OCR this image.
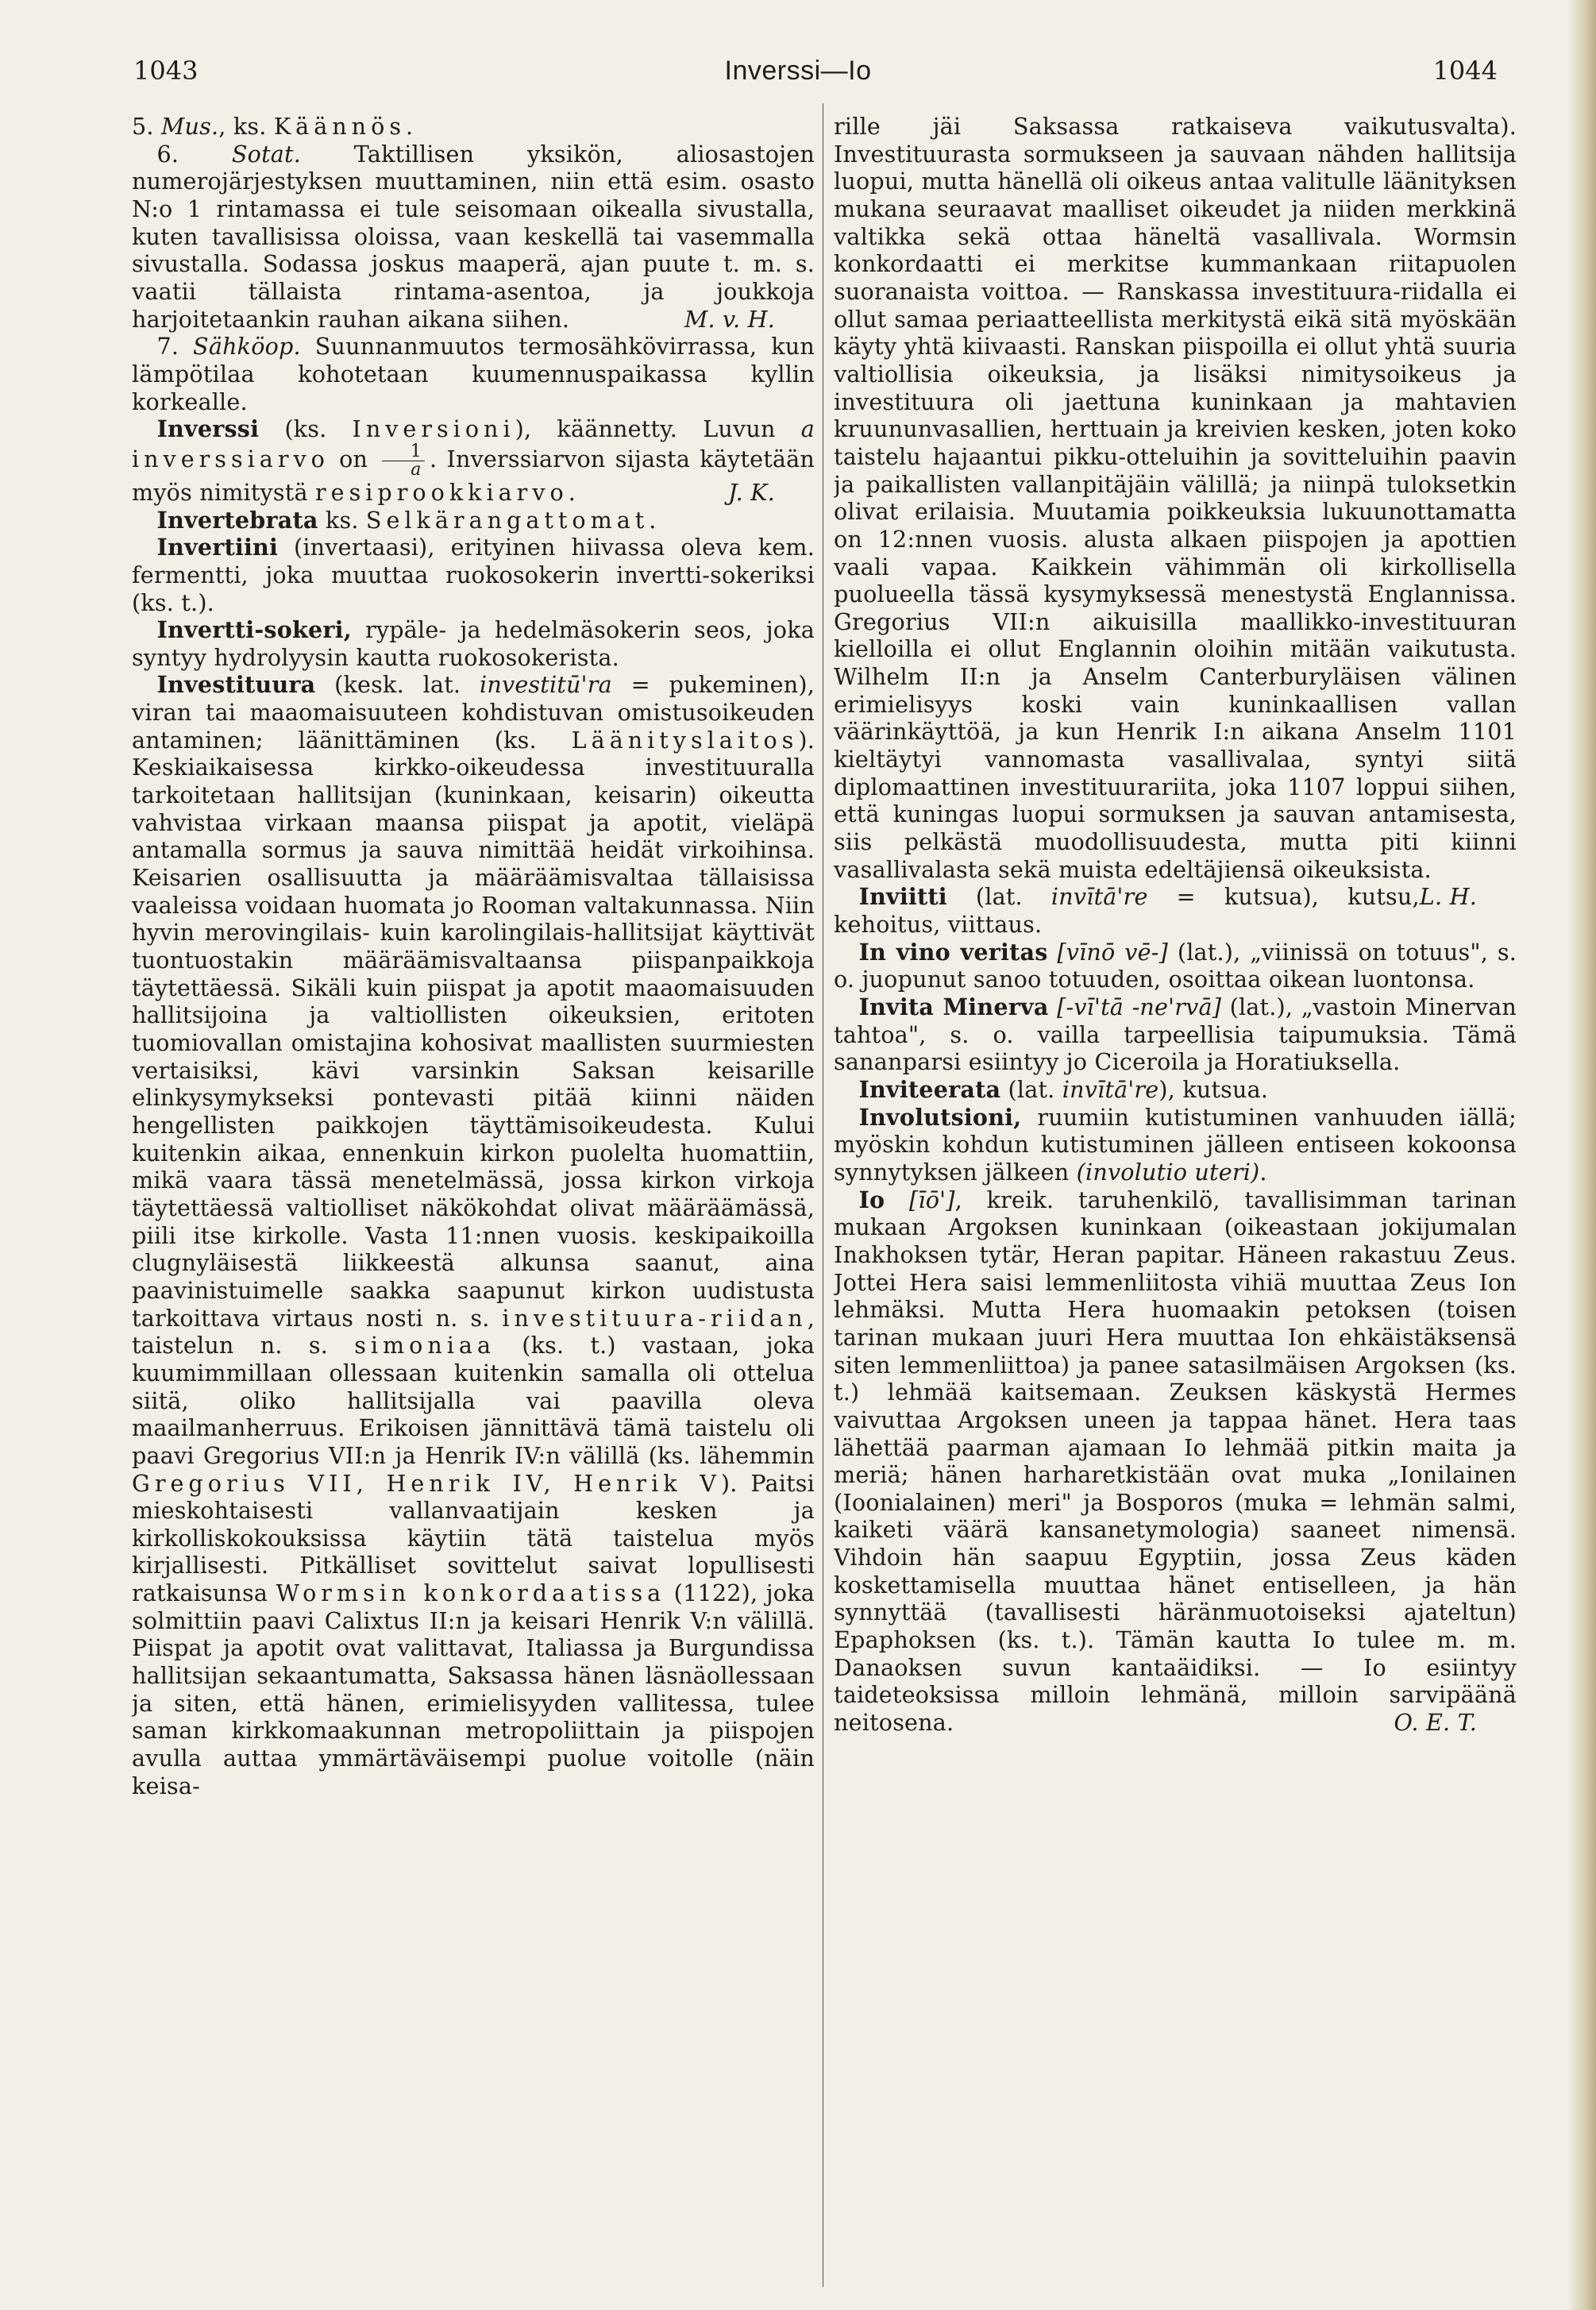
1043	Inverssi—Io	1044

5. Mus., ks. Käännös.

6. Sotat. Taktillisen yksikön, aliosastojen numerojärjestyksen muuttaminen, niin että esim. osasto N:o 1 rintamassa ei tule seisomaan oikealla sivustalla, kuten tavallisissa oloissa, vaan keskellä tai vasemmalla sivustalla. Sodassa joskus maaperä, ajan puute t. m. s. vaatii tällaista rintama-asentoa, ja joukkoja harjoitetaankin rauhan aikana siihen.	M. v. H.

7. Sähköop. Suunnanmuutos termosähkövirrassa, kun lämpötilaa kohotetaan kuumennuspaikassa kyllin korkealle.

Inverssi (ks. Inversioni), käännetty. Luvun a inverssiarvo on $\frac{1}{a}$ . Inverssiarvon sijasta käytetään myös nimitystä resiprookkiarvo.	J. K.

Invertebrata ks. Selkärangattomat.

Invertiini (invertaasi), erityinen hiivassa oleva kem. fermentti, joka muuttaa ruokosokerin invertti-sokeriksi (ks. t.).

Invertti-sokeri, rypäle- ja hedelmäsokerin seos, joka syntyy hydrolyysin kautta ruokosokerista.

Investituura (kesk. lat. investitū'ra = pukeminen), viran tai maaomaisuuteen kohdistuvan omistusoikeuden antaminen; läänittäminen (ks. Läänityslaitos). Keskiaikaisessa kirkko-oikeudessa investituuralla tarkoitetaan hallitsijan (kuninkaan, keisarin) oikeutta vahvistaa virkaan maansa piispat ja apotit, vieläpä antamalla sormus ja sauva nimittää heidät virkoihinsa. Keisarien osallisuutta ja määräämisvaltaa tällaisissa vaaleissa voidaan huomata jo Rooman valtakunnassa. Niin hyvin merovingilais- kuin karolingilais-hallitsijat käyttivät tuontuostakin määräämisvaltaansa piispanpaikkoja täytettäessä. Sikäli kuin piispat ja apotit maaomaisuuden hallitsijoina ja valtiollisten oikeuksien, eritoten tuomiovallan omistajina kohosivat maallisten suurmiesten vertaisiksi, kävi varsinkin Saksan keisarille elinkysymykseksi pontevasti pitää kiinni näiden hengellisten paikkojen täyttämisoikeudesta. Kului kuitenkin aikaa, ennenkuin kirkon puolelta huomattiin, mikä vaara tässä menetelmässä, jossa kirkon virkoja täytettäessä valtiolliset näkökohdat olivat määräämässä, piili itse kirkolle. Vasta 11:nnen vuosis. keskipaikoilla clugnyläisestä liikkeestä alkunsa saanut, aina paavinistuimelle saakka saapunut kirkon uudistusta tarkoittava virtaus nosti n. s. investituura-riidan, taistelun n. s. simoniaa (ks. t.) vastaan, joka kuumimmillaan ollessaan kuitenkin samalla oli ottelua siitä, oliko hallitsijalla vai paavilla oleva maailmanherruus. Erikoisen jännittävä tämä taistelu oli paavi Gregorius VII:n ja Henrik IV:n välillä (ks. lähemmin Gregorius VII, Henrik IV, Henrik V). Paitsi mieskohtaisesti vallanvaatijain kesken ja kirkolliskokouksissa käytiin tätä taistelua myös kirjallisesti. Pitkälliset sovittelut saivat lopullisesti ratkaisunsa Wormsin konkordaatissa (1122), joka solmittiin paavi Calixtus II:n ja keisari Henrik V:n välillä. Piispat ja apotit ovat valittavat, Italiassa ja Burgundissa hallitsijan sekaantumatta, Saksassa hänen läsnäollessaan ja siten, että hänen, erimielisyyden vallitessa, tulee saman kirkkomaakunnan metropoliittain ja piispojen avulla auttaa ymmärtäväisempi puolue voitolle (näin keisa-

rille jäi Saksassa ratkaiseva vaikutusvalta). Investituurasta sormukseen ja sauvaan nähden hallitsija luopui, mutta hänellä oli oikeus antaa valitulle läänityksen mukana seuraavat maalliset oikeudet ja niiden merkkinä valtikka sekä ottaa häneltä vasallivala. Wormsin konkordaatti ei merkitse kummankaan riitapuolen suoranaista voittoa. — Ranskassa investituura-riidalla ei ollut samaa periaatteellista merkitystä eikä sitä myöskään käyty yhtä kiivaasti. Ranskan piispoilla ei ollut yhtä suuria valtiollisia oikeuksia, ja lisäksi nimitysoikeus ja investituura oli jaettuna kuninkaan ja mahtavien kruununvasallien, herttuain ja kreivien kesken, joten koko taistelu hajaantui pikku-otteluihin ja sovitteluihin paavin ja paikallisten vallanpitäjäin välillä; ja niinpä tuloksetkin olivat erilaisia. Muutamia poikkeuksia lukuunottamatta on 12:nnen vuosis. alusta alkaen piispojen ja apottien vaali vapaa. Kaikkein vähimmän oli kirkollisella puolueella tässä kysymyksessä menestystä Englannissa. Gregorius VII:n aikuisilla maallikko-investituuran kielloilla ei ollut Englannin oloihin mitään vaikutusta. Wilhelm II:n ja Anselm Canterburyläisen välinen erimielisyys koski vain kuninkaallisen vallan väärinkäyttöä, ja kun Henrik I:n aikana Anselm 1101 kieltäytyi vannomasta vasallivalaa, syntyi siitä diplomaattinen investituurariita, joka 1107 loppui siihen, että kuningas luopui sormuksen ja sauvan antamisesta, siis pelkästä muodollisuudesta, mutta piti kiinni vasallivalasta sekä muista edeltäjiensä oikeuksista.
L. H.

Inviitti (lat. invītā're = kutsua), kutsu, kehoitus, viittaus.

In vino veritas [vīnō vē-] (lat.), „viinissä on totuus", s. o. juopunut sanoo totuuden, osoittaa oikean luontonsa.

Invita Minerva [-vī'tā -ne'rvā] (lat.), „vastoin Minervan tahtoa", s. o. vailla tarpeellisia taipumuksia. Tämä sananparsi esiintyy jo Ciceroila ja Horatiuksella.

Inviteerata (lat. invītā're), kutsua.

Involutsioni, ruumiin kutistuminen vanhuuden iällä; myöskin kohdun kutistuminen jälleen entiseen kokoonsa synnytyksen jälkeen (involutio uteri).

Io [īō'], kreik. taruhenkilö, tavallisimman tarinan mukaan Argoksen kuninkaan (oikeastaan jokijumalan Inakhoksen tytär, Heran papitar. Häneen rakastuu Zeus. Jottei Hera saisi lemmenliitosta vihiä muuttaa Zeus Ion lehmäksi. Mutta Hera huomaakin petoksen (toisen tarinan mukaan juuri Hera muuttaa Ion ehkäistäksensä siten lemmenliittoa) ja panee satasilmäisen Argoksen (ks. t.) lehmää kaitsemaan. Zeuksen käskystä Hermes vaivuttaa Argoksen uneen ja tappaa hänet. Hera taas lähettää paarman ajamaan Io lehmää pitkin maita ja meriä; hänen harharetkistään ovat muka „Ionilainen (Ioonialainen) meri" ja Bosporos (muka = lehmän salmi, kaiketi väärä kansanetymologia) saaneet nimensä. Vihdoin hän saapuu Egyptiin, jossa Zeus käden koskettamisella muuttaa hänet entiselleen, ja hän synnyttää (tavallisesti häränmuotoiseksi ajateltun) Epaphoksen (ks. t.). Tämän kautta Io tulee m. m. Danaoksen suvun kantaäidiksi. — Io esiintyy taideteoksissa milloin lehmänä, milloin sarvipäänä neitosena.	O. E. T.
